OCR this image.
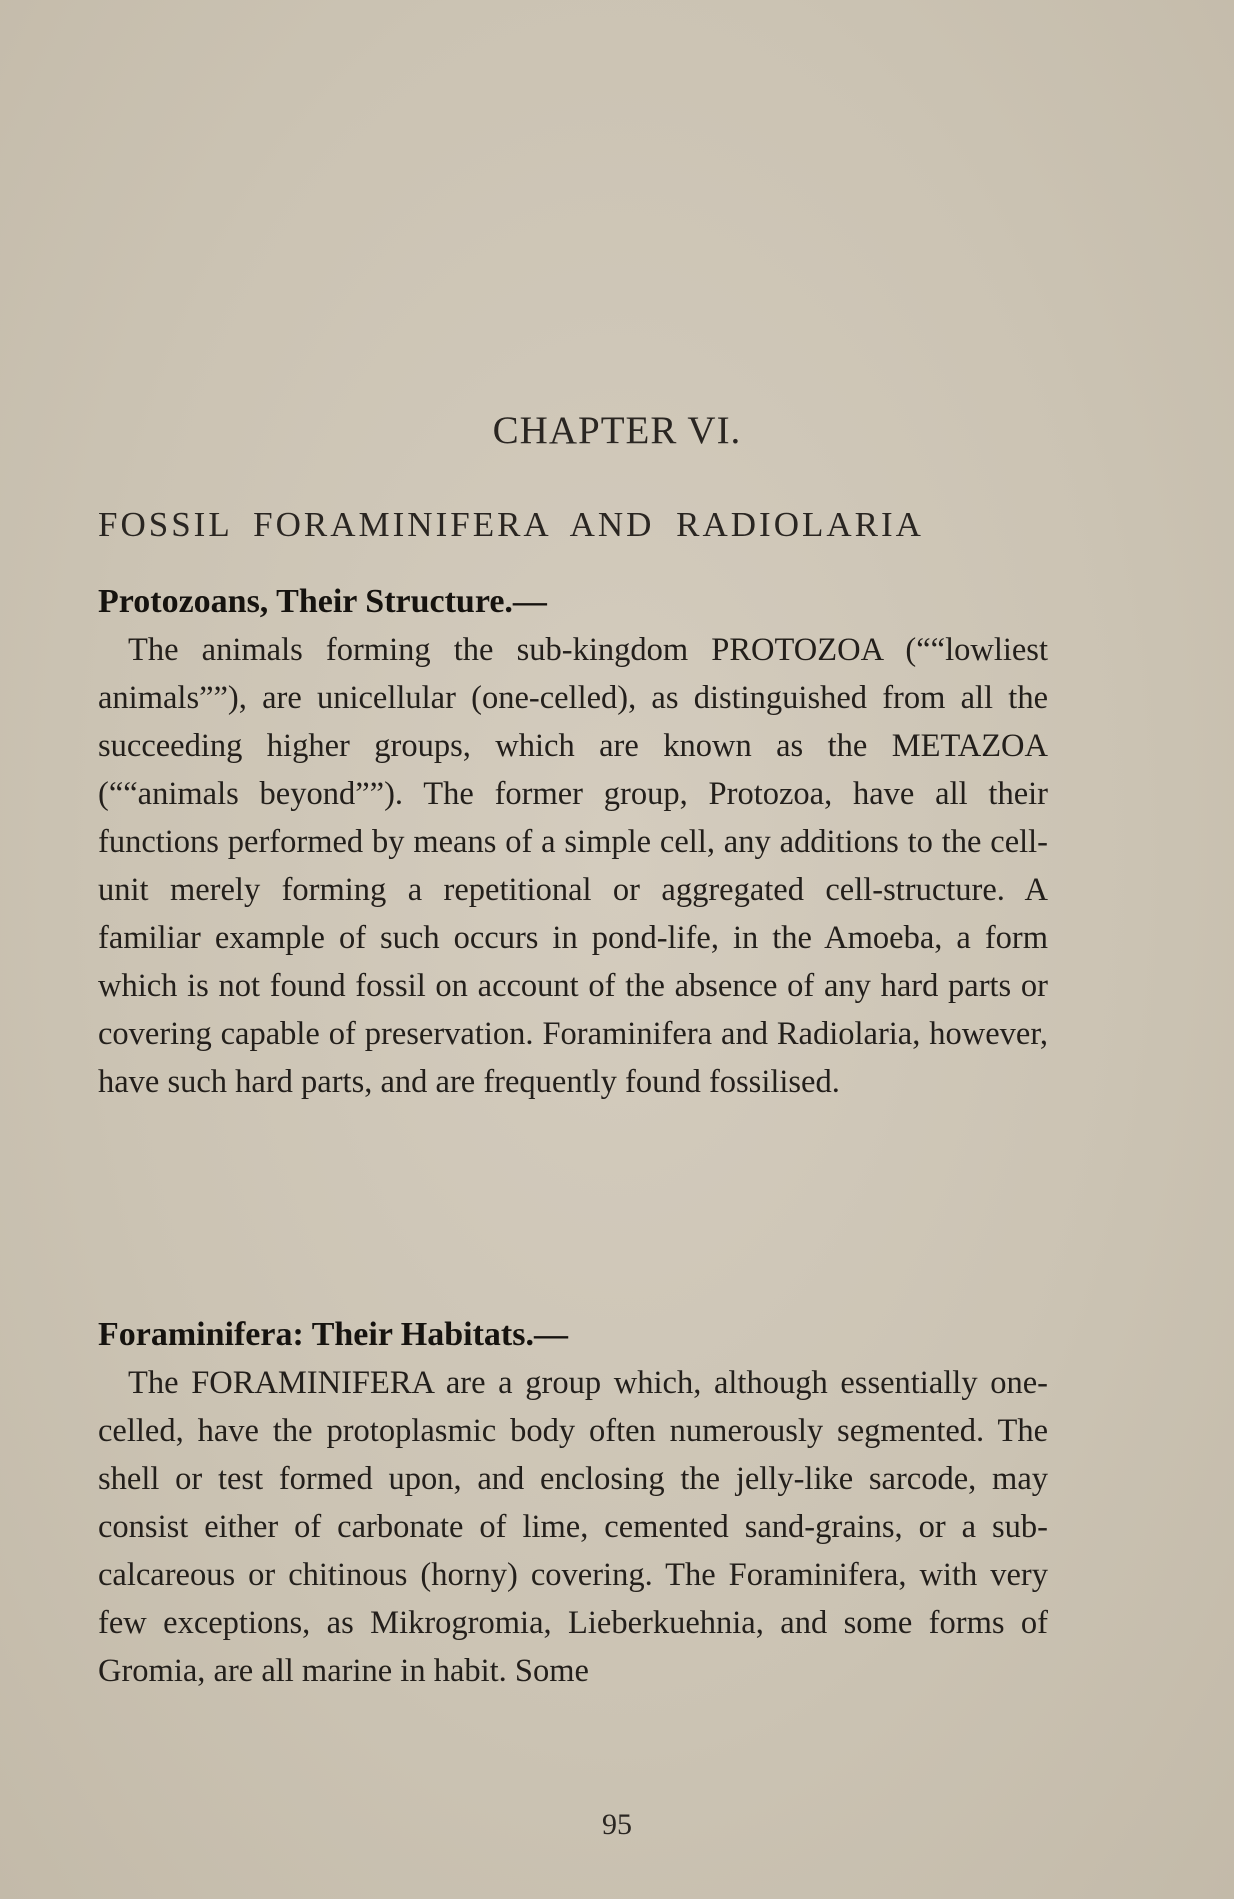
CHAPTER VI.
FOSSIL FORAMINIFERA AND RADIOLARIA
Protozoans, Their Structure.—

The animals forming the sub-kingdom PROTOZOA (““lowliest animals””), are unicellular (one-celled), as distinguished from all the succeeding higher groups, which are known as the METAZOA (““animals beyond””). The former group, Protozoa, have all their functions performed by means of a simple cell, any additions to the cell-unit merely forming a repetitional or aggregated cell-structure. A familiar example of such occurs in pond-life, in the Amoeba, a form which is not found fossil on account of the absence of any hard parts or covering capable of preservation. Foraminifera and Radiolaria, however, have such hard parts, and are frequently found fossilised.

Foraminifera: Their Habitats.—

The FORAMINIFERA are a group which, although essentially one-celled, have the protoplasmic body often numerously segmented. The shell or test formed upon, and enclosing the jelly-like sarcode, may consist either of carbonate of lime, cemented sand-grains, or a sub-calcareous or chitinous (horny) covering. The Foraminifera, with very few exceptions, as Mikrogromia, Lieberkuehnia, and some forms of Gromia, are all marine in habit. Some

95
